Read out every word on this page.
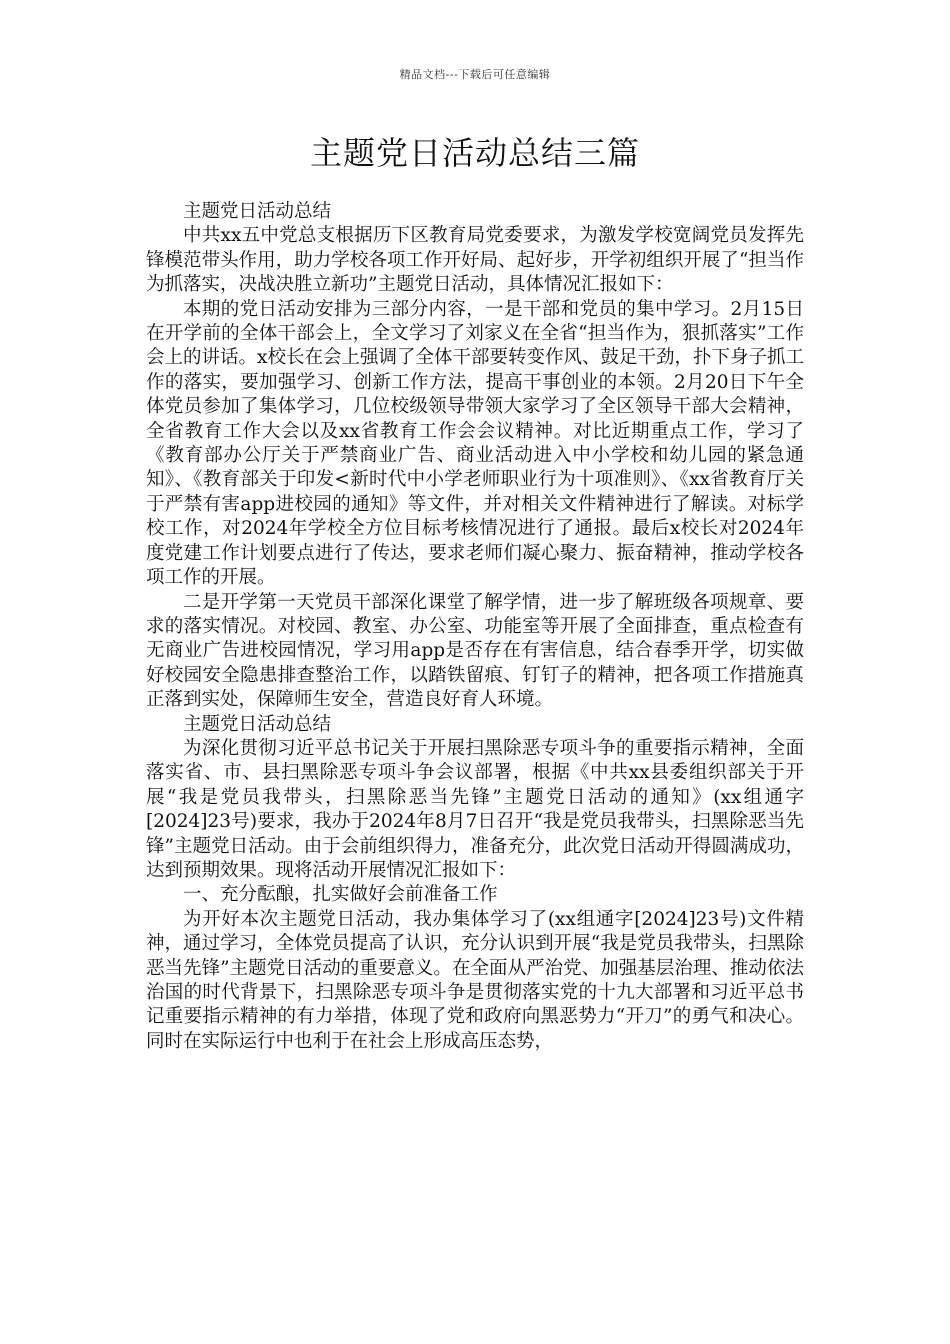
精品文档---下载后可任意编辑
主题党日活动总结三篇

主题党日活动总结

中共xx五中党总支根据历下区教育局党委要求，为激发学校宽阔党员发挥先锋模范带头作用，助力学校各项工作开好局、起好步，开学初组织开展了“担当作为抓落实，决战决胜立新功”主题党日活动，具体情况汇报如下：

本期的党日活动安排为三部分内容，一是干部和党员的集中学习。2月15日在开学前的全体干部会上，全文学习了刘家义在全省“担当作为，狠抓落实”工作会上的讲话。x校长在会上强调了全体干部要转变作风、鼓足干劲，扑下身子抓工作的落实，要加强学习、创新工作方法，提高干事创业的本领。2月20日下午全体党员参加了集体学习，几位校级领导带领大家学习了全区领导干部大会精神，全省教育工作大会以及xx省教育工作会会议精神。对比近期重点工作，学习了《教育部办公厅关于严禁商业广告、商业活动进入中小学校和幼儿园的紧急通知》、《教育部关于印发<新时代中小学老师职业行为十项准则》、《xx省教育厅关于严禁有害app进校园的通知》等文件，并对相关文件精神进行了解读。对标学校工作，对2024年学校全方位目标考核情况进行了通报。最后x校长对2024年度党建工作计划要点进行了传达，要求老师们凝心聚力、振奋精神，推动学校各项工作的开展。

二是开学第一天党员干部深化课堂了解学情，进一步了解班级各项规章、要求的落实情况。对校园、教室、办公室、功能室等开展了全面排查，重点检查有无商业广告进校园情况，学习用app是否存在有害信息，结合春季开学，切实做好校园安全隐患排查整治工作，以踏铁留痕、钉钉子的精神，把各项工作措施真正落到实处，保障师生安全，营造良好育人环境。

主题党日活动总结

为深化贯彻习近平总书记关于开展扫黑除恶专项斗争的重要指示精神，全面落实省、市、县扫黑除恶专项斗争会议部署，根据《中共xx县委组织部关于开展“我是党员我带头，扫黑除恶当先锋”主题党日活动的通知》(xx组通字[2024]23号)要求，我办于2024年8月7日召开“我是党员我带头，扫黑除恶当先锋”主题党日活动。由于会前组织得力，准备充分，此次党日活动开得圆满成功，达到预期效果。现将活动开展情况汇报如下：

一、充分酝酿，扎实做好会前准备工作

为开好本次主题党日活动，我办集体学习了(xx组通字[2024]23号)文件精神，通过学习，全体党员提高了认识，充分认识到开展“我是党员我带头，扫黑除恶当先锋”主题党日活动的重要意义。在全面从严治党、加强基层治理、推动依法治国的时代背景下，扫黑除恶专项斗争是贯彻落实党的十九大部署和习近平总书记重要指示精神的有力举措，体现了党和政府向黑恶势力“开刀”的勇气和决心。同时在实际运行中也利于在社会上形成高压态势，
